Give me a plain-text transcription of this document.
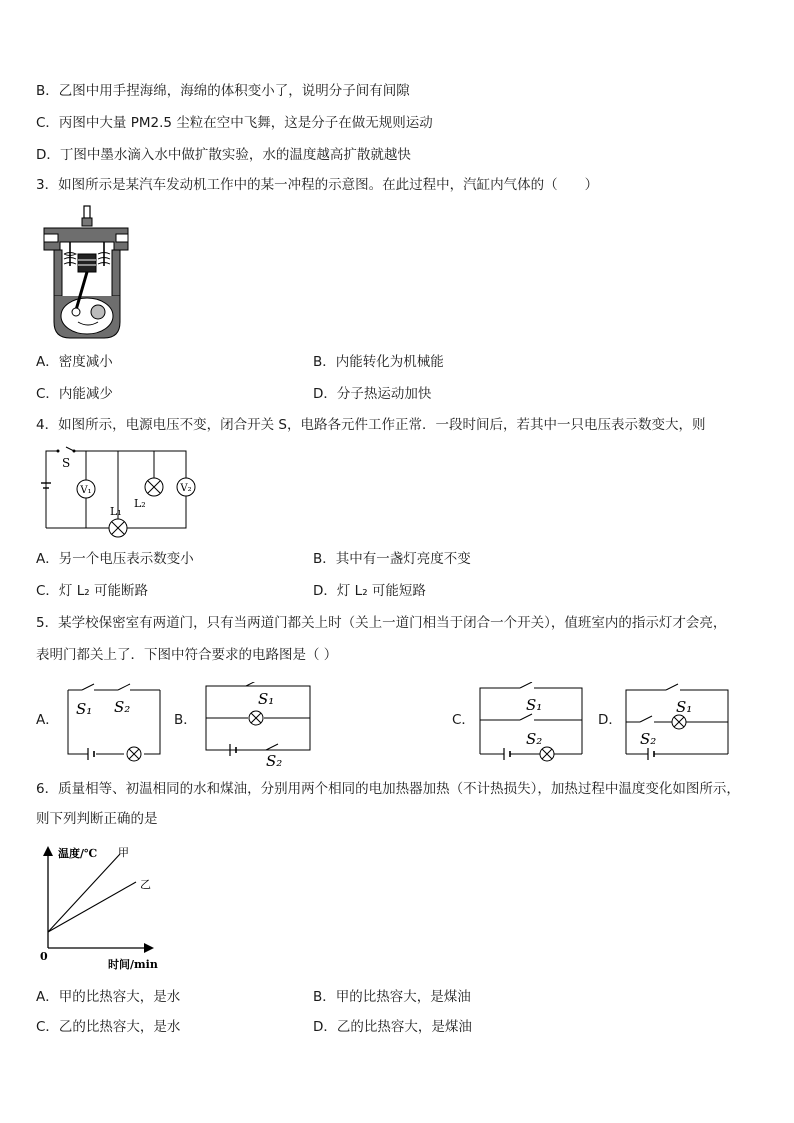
B．乙图中用手捏海绵，海绵的体积变小了，说明分子间有间隙
C．丙图中大量 PM2.5 尘粒在空中飞舞，这是分子在做无规则运动
D．丁图中墨水滴入水中做扩散实验，水的温度越高扩散就越快
3．如图所示是某汽车发动机工作中的某一冲程的示意图。在此过程中，汽缸内气体的（　　）
A．密度减小	B．内能转化为机械能
C．内能减少	D．分子热运动加快
4．如图所示，电源电压不变，闭合开关 S，电路各元件工作正常．一段时间后，若其中一只电压表示数变大，则
V₁	V₂
S
L₁
L₂
A．另一个电压表示数变小	B．其中有一盏灯亮度不变
C．灯 L₂ 可能断路	D．灯 L₂ 可能短路
5．某学校保密室有两道门，只有当两道门都关上时（关上一道门相当于闭合一个开关），值班室内的指示灯才会亮，
表明门都关上了．下图中符合要求的电路图是（ ）
A．
S₁ S₂
B．
S₁
S₂
C．
S₁
S₂
D．
S₁
S₂
6．质量相等、初温相同的水和煤油，分别用两个相同的电加热器加热（不计热损失），加热过程中温度变化如图所示，
则下列判断正确的是
温度/℃ 甲
乙
0
时间/min
A．甲的比热容大，是水	B．甲的比热容大，是煤油
C．乙的比热容大，是水	D．乙的比热容大，是煤油
